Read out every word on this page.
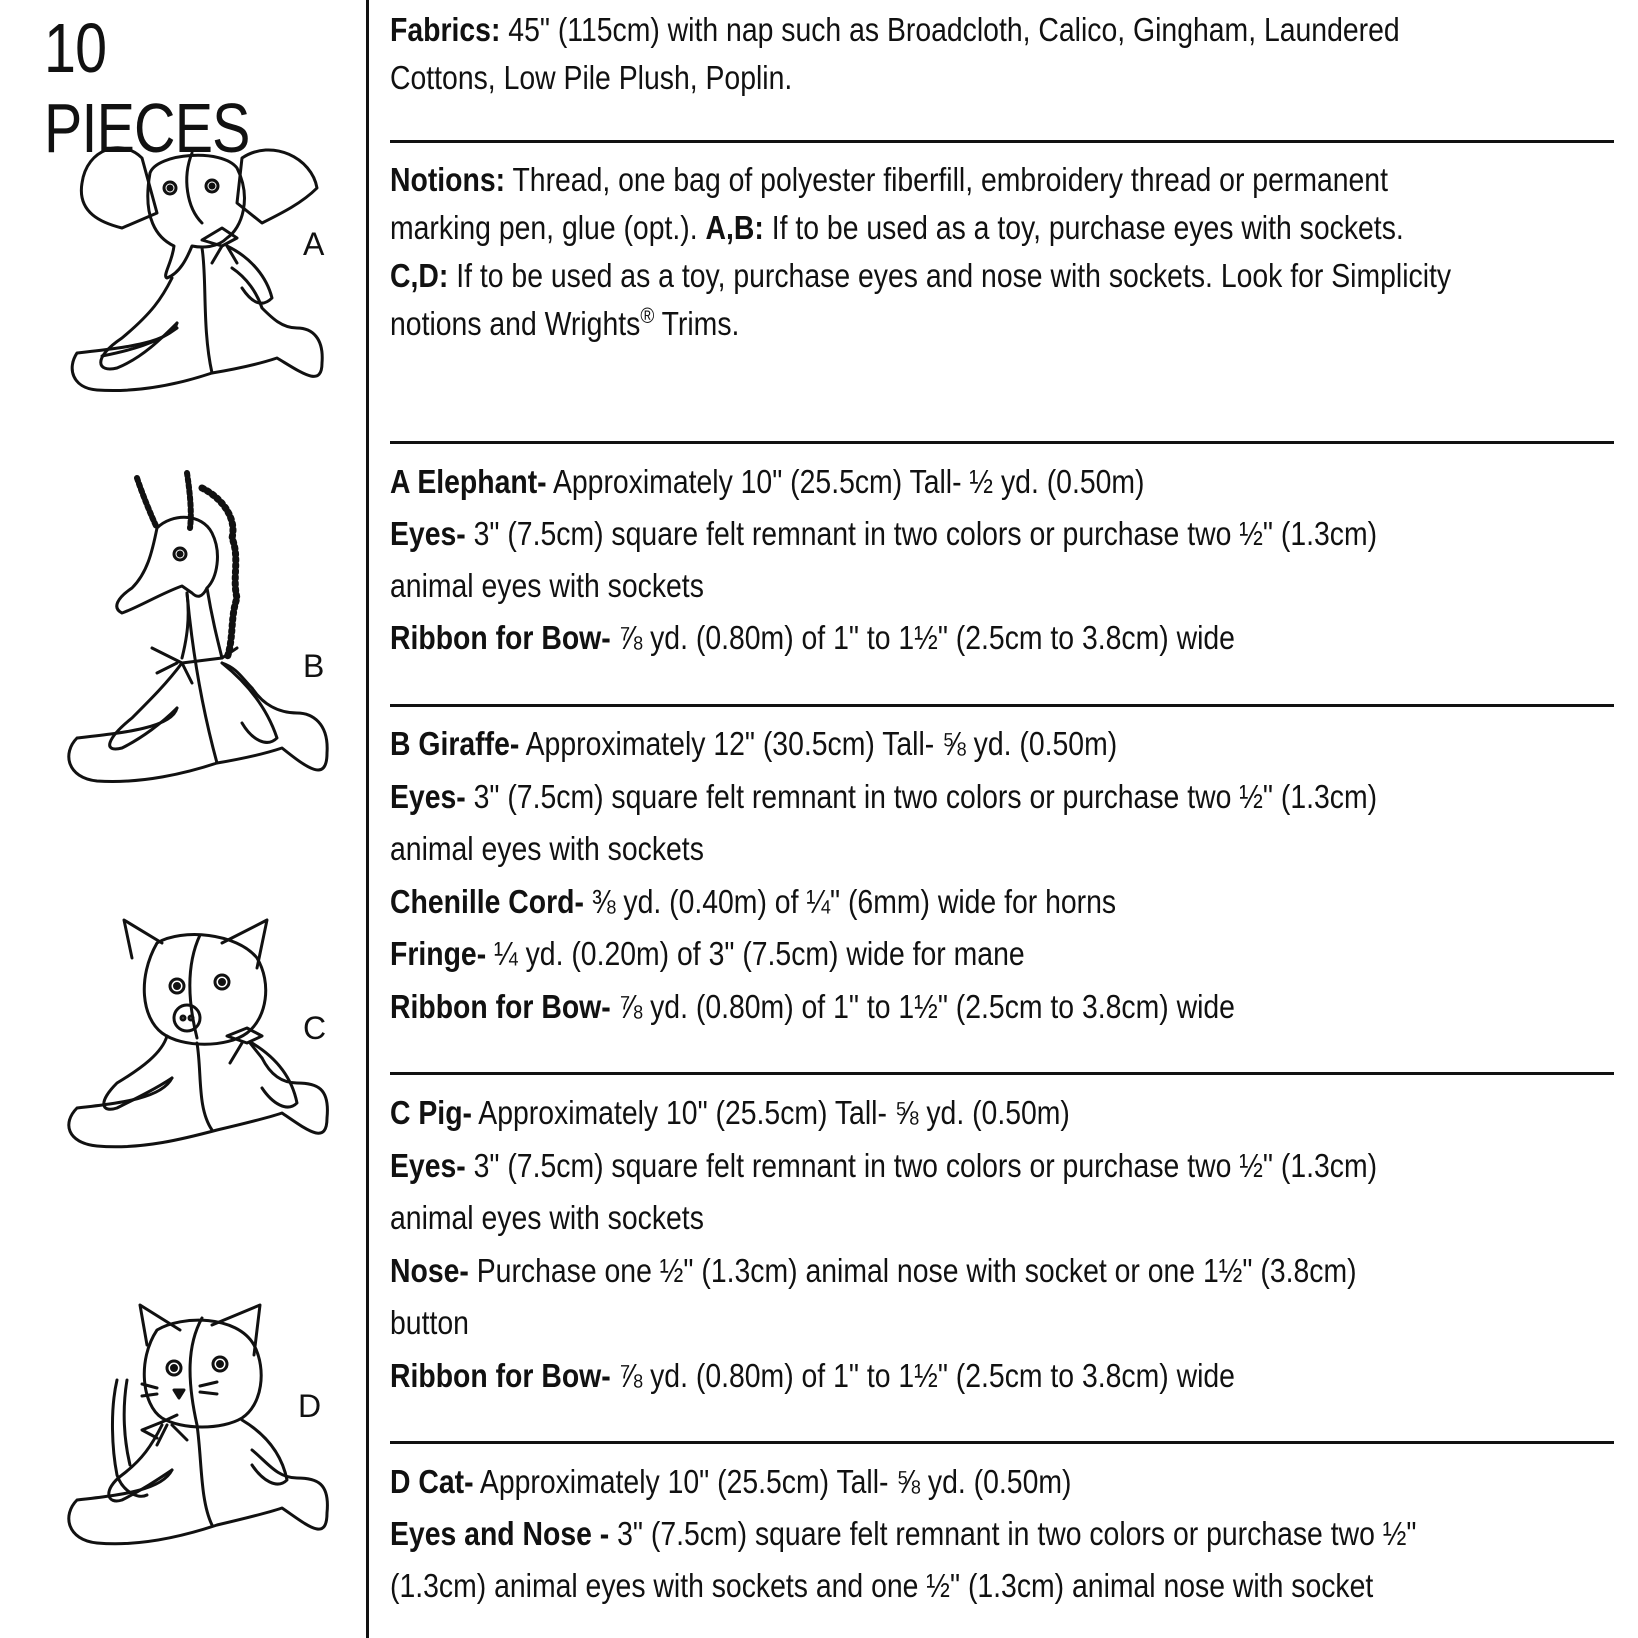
10 PIECES
A
B
C
D
Fabrics: 45" (115cm) with nap such as Broadcloth, Calico, Gingham, Laundered
Cottons, Low Pile Plush, Poplin.
Notions: Thread, one bag of polyester fiberfill, embroidery thread or permanent
marking pen, glue (opt.). A,B: If to be used as a toy, purchase eyes with sockets.
C,D: If to be used as a toy, purchase eyes and nose with sockets. Look for Simplicity
notions and Wrights® Trims.
A Elephant- Approximately 10" (25.5cm) Tall- ½ yd. (0.50m)
Eyes- 3" (7.5cm) square felt remnant in two colors or purchase two ½" (1.3cm)
animal eyes with sockets
Ribbon for Bow- ⅞ yd. (0.80m) of 1" to 1½" (2.5cm to 3.8cm) wide
B Giraffe- Approximately 12" (30.5cm) Tall- ⅝ yd. (0.50m)
Eyes- 3" (7.5cm) square felt remnant in two colors or purchase two ½" (1.3cm)
animal eyes with sockets
Chenille Cord- ⅜ yd. (0.40m) of ¼" (6mm) wide for horns
Fringe- ¼ yd. (0.20m) of 3" (7.5cm) wide for mane
Ribbon for Bow- ⅞ yd. (0.80m) of 1" to 1½" (2.5cm to 3.8cm) wide
C Pig- Approximately 10" (25.5cm) Tall- ⅝ yd. (0.50m)
Eyes- 3" (7.5cm) square felt remnant in two colors or purchase two ½" (1.3cm)
animal eyes with sockets
Nose- Purchase one ½" (1.3cm) animal nose with socket or one 1½" (3.8cm)
button
Ribbon for Bow- ⅞ yd. (0.80m) of 1" to 1½" (2.5cm to 3.8cm) wide
D Cat- Approximately 10" (25.5cm) Tall- ⅝ yd. (0.50m)
Eyes and Nose - 3" (7.5cm) square felt remnant in two colors or purchase two ½"
(1.3cm) animal eyes with sockets and one ½" (1.3cm) animal nose with socket
